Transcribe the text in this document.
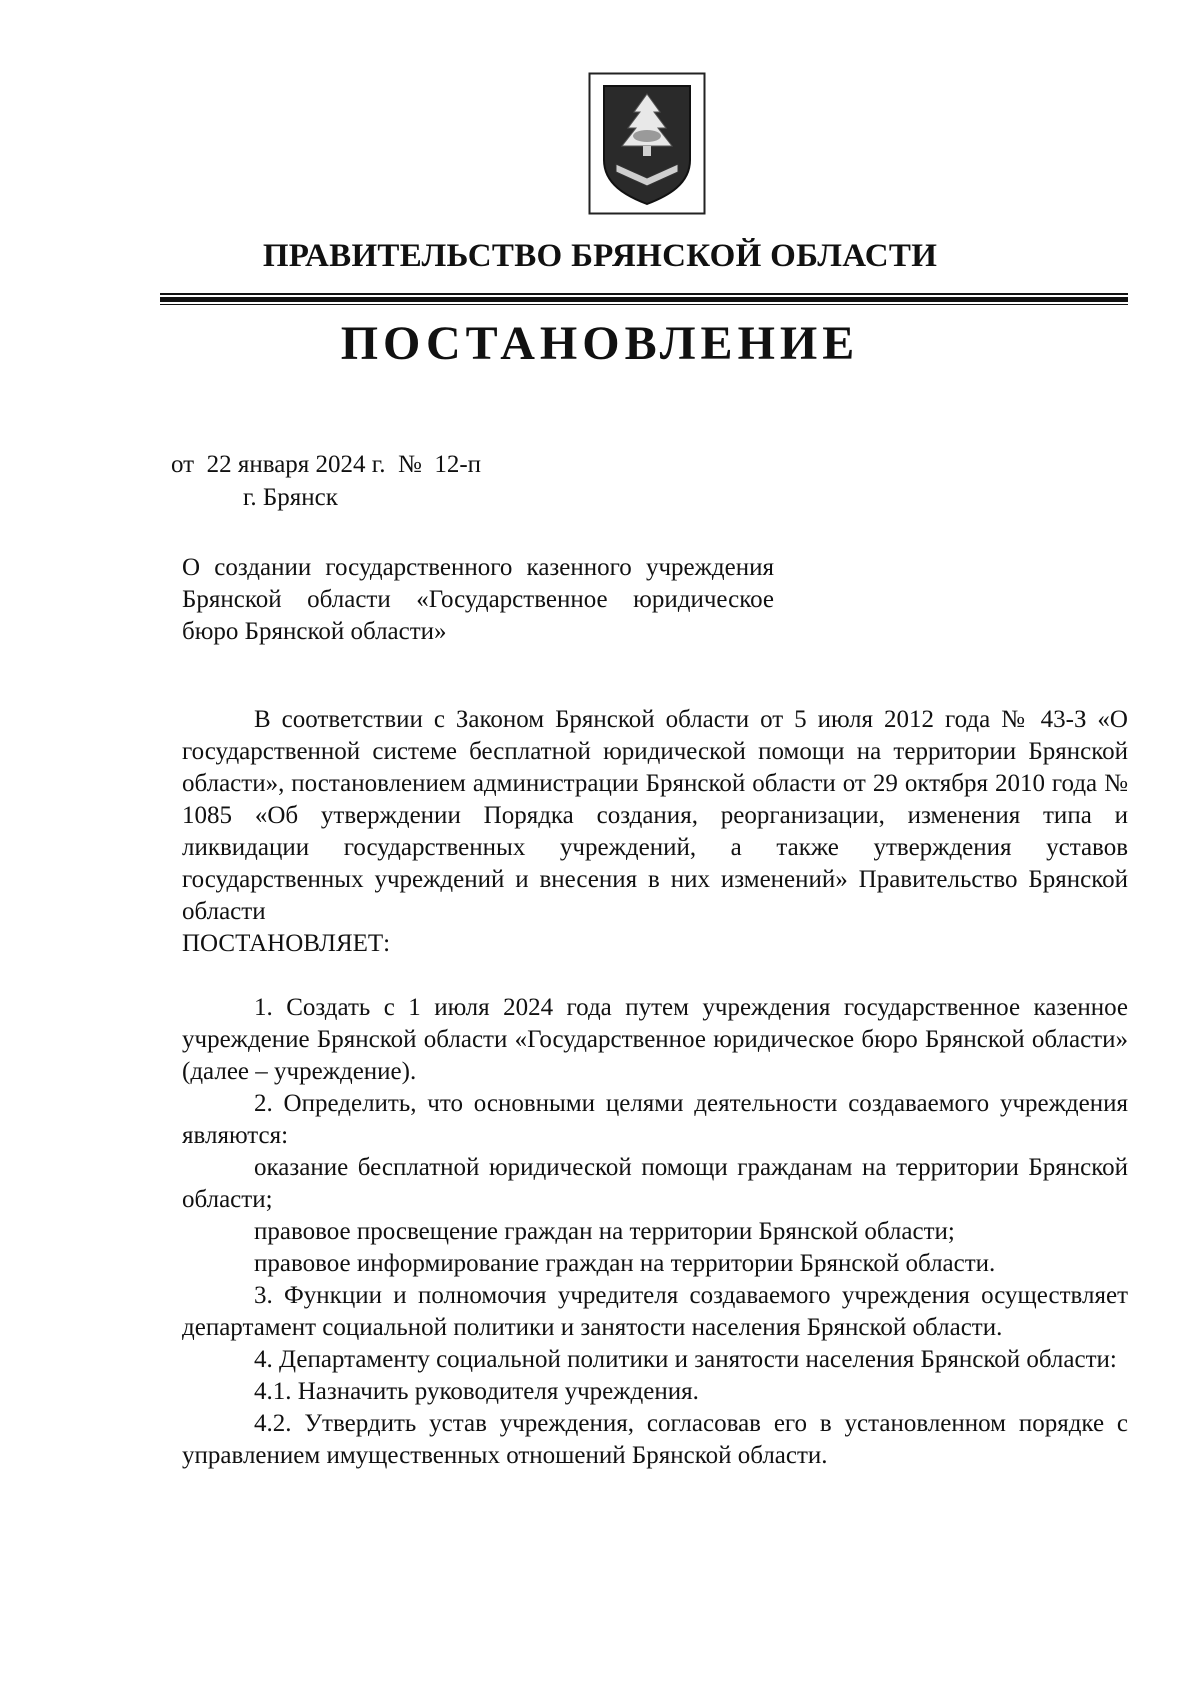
ПРАВИТЕЛЬСТВО БРЯНСКОЙ ОБЛАСТИ
ПОСТАНОВЛЕНИЕ
от  22 января 2024 г.  №  12-п
г. Брянск
О создании государственного казенного учреждения Брянской области «Государственное юридическое бюро Брянской области»

В соответствии с Законом Брянской области от 5 июля 2012 года № 43-З «О государственной системе бесплатной юридической помощи на территории Брянской области», постановлением администрации Брянской области от 29 октября 2010 года № 1085 «Об утверждении Порядка создания, реорганизации, изменения типа и ликвидации государственных учреждений, а также утверждения уставов государственных учреждений и внесения в них изменений» Правительство Брянской области

ПОСТАНОВЛЯЕТ:

1. Создать с 1 июля 2024 года путем учреждения государственное казенное учреждение Брянской области «Государственное юридическое бюро Брянской области» (далее – учреждение).

2. Определить, что основными целями деятельности создаваемого учреждения являются:

оказание бесплатной юридической помощи гражданам на территории Брянской области;

правовое просвещение граждан на территории Брянской области;

правовое информирование граждан на территории Брянской области.

3. Функции и полномочия учредителя создаваемого учреждения осуществляет департамент социальной политики и занятости населения Брянской области.

4. Департаменту социальной политики и занятости населения Брянской области:

4.1. Назначить руководителя учреждения.

4.2. Утвердить устав учреждения, согласовав его в установленном порядке с управлением имущественных отношений Брянской области.
